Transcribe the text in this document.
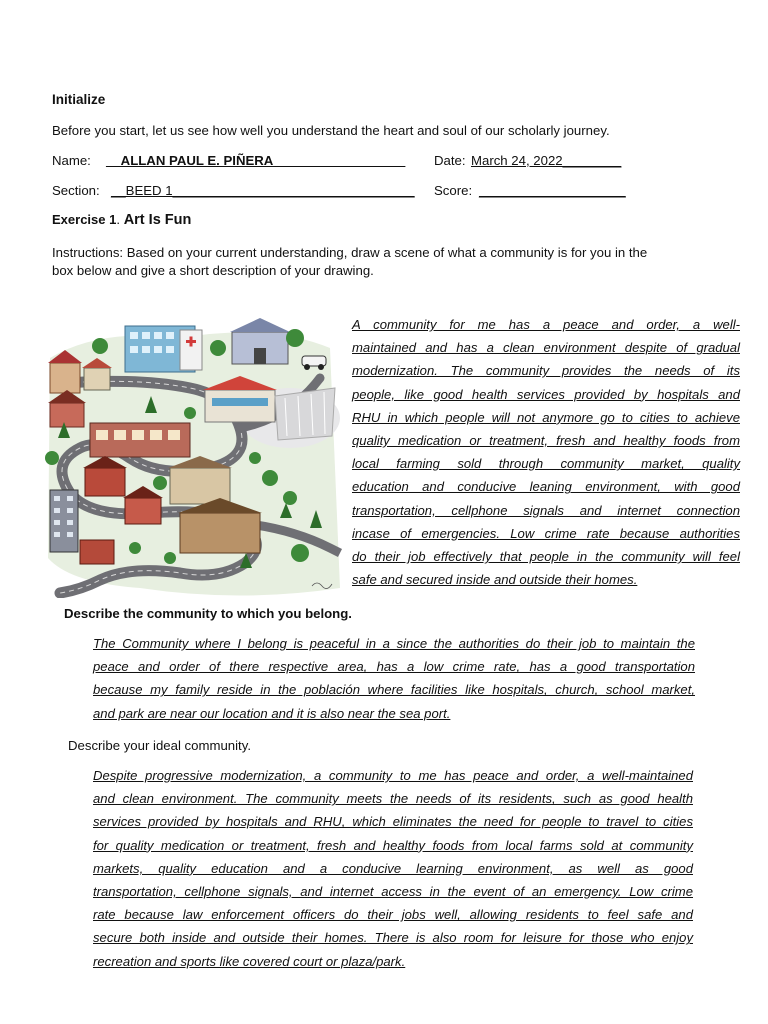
Initialize
Before you start, let us see how well you understand the heart and soul of our scholarly journey.
Name: __ALLAN PAUL E. PIÑERA__________________ Date: March 24, 2022________
Section: __BEED 1_________________________________ Score: ____________________
Exercise 1. Art Is Fun
Instructions: Based on your current understanding, draw a scene of what a community is for you in the
box below and give a short description of your drawing.

A community for me has a peace and order, a well-

maintained and has a clean environment despite of gradual

modernization. The community provides the needs of its

people, like good health services provided by hospitals and

RHU in which people will not anymore go to cities to achieve

quality medication or treatment, fresh and healthy foods from

local farming sold through community market, quality

education and conducive leaning environment, with good

transportation, cellphone signals and internet connection

incase of emergencies. Low crime rate because authorities

do their job effectively that people in the community will feel

safe and secured inside and outside their homes.

Describe the community to which you belong.

The Community where I belong is peaceful in a since the authorities do their job to maintain the

peace and order of there respective area, has a low crime rate, has a good transportation

because my family reside in the población where facilities like hospitals, church, school market,

and park are near our location and it is also near the sea port.

Describe your ideal community.

Despite progressive modernization, a community to me has peace and order, a well-maintained

and clean environment. The community meets the needs of its residents, such as good health

services provided by hospitals and RHU, which eliminates the need for people to travel to cities

for quality medication or treatment, fresh and healthy foods from local farms sold at community

markets, quality education and a conducive learning environment, as well as good

transportation, cellphone signals, and internet access in the event of an emergency. Low crime

rate because law enforcement officers do their jobs well, allowing residents to feel safe and

secure both inside and outside their homes. There is also room for leisure for those who enjoy

recreation and sports like covered court or plaza/park.
